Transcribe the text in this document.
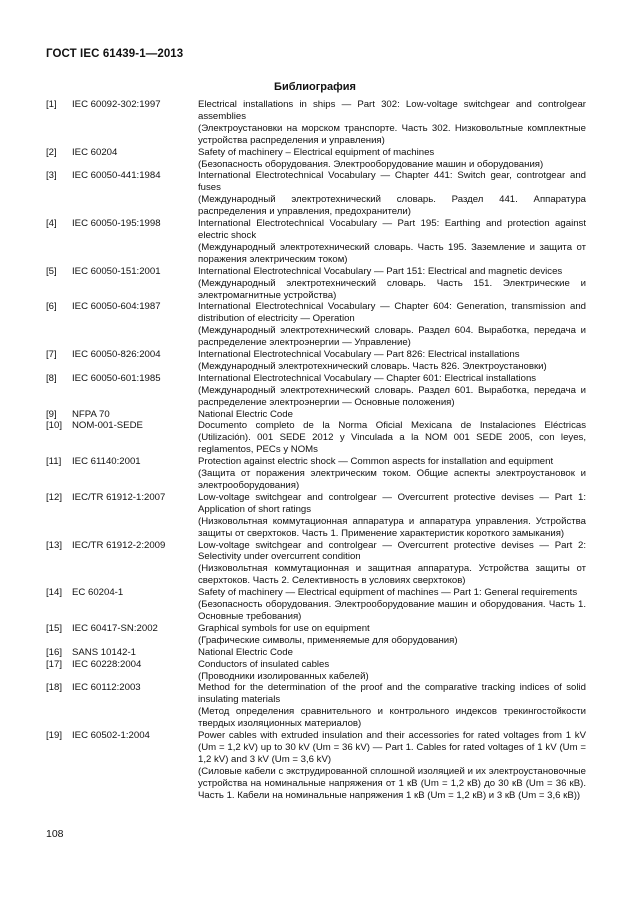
ГОСТ IEC 61439-1—2013
Библиография
[1]	IEC 60092-302:1997	Electrical installations in ships — Part 302: Low-voltage switchgear and controlgear assemblies
(Электроустановки на морском транспорте. Часть 302. Низковольтные комплектные устройства распределения и управления)
[2]	IEC 60204	Safety of machinery – Electrical equipment of machines
(Безопасность оборудования. Электрооборудование машин и оборудования)
[3]	IEC 60050-441:1984	International Electrotechnical Vocabulary — Chapter 441: Switch gear, controtgear and fuses
(Международный электротехнический словарь. Раздел 441. Аппаратура распределения и управления, предохранители)
[4]	IEC 60050-195:1998	International Electrotechnical Vocabulary — Part 195: Earthing and protection against electric shock
(Международный электротехнический словарь. Часть 195. Заземление и защита от поражения электрическим током)
[5]	IEC 60050-151:2001	International Electrotechnical Vocabulary — Part 151: Electrical and magnetic devices
(Международный электротехнический словарь. Часть 151. Электрические и электромагнитные устройства)
[6]	IEC 60050-604:1987	International Electrotechnical Vocabulary — Chapter 604: Generation, transmission and distribution of electricity — Operation
(Международный электротехнический словарь. Раздел 604. Выработка, передача и распределение электроэнергии — Управление)
[7]	IEC 60050-826:2004	International Electrotechnical Vocabulary — Part 826: Electrical installations
(Международный электротехнический словарь. Часть 826. Электроустановки)
[8]	IEC 60050-601:1985	International Electrotechnical Vocabulary — Chapter 601: Electrical installations
(Международный электротехнический словарь. Раздел 601. Выработка, передача и распределение электроэнергии — Основные положения)
[9]	NFPA 70	National Electric Code
[10]	NOM-001-SEDE	Documento completo de la Norma Oficial Mexicana de Instalaciones Eléctricas (Utilización). 001 SEDE 2012 y Vinculada a la NOM 001 SEDE 2005, con leyes, reglamentos, PECs y NOMs
[11]	IEC 61140:2001	Protection against electric shock — Common aspects for installation and equipment
(Защита от поражения электрическим током. Общие аспекты электроустановок и электрооборудования)
[12]	IEC/TR 61912-1:2007	Low-voltage switchgear and controlgear — Overcurrent protective devises — Part 1: Application of short ratings
(Низковольтная коммутационная аппаратура и аппаратура управления. Устройства защиты от сверхтоков. Часть 1. Применение характеристик короткого замыкания)
[13]	IEC/TR 61912-2:2009	Low-voltage switchgear and controlgear — Overcurrent protective devises — Part 2: Selectivity under overcurrent condition
(Низковольтная коммутационная и защитная аппаратура. Устройства защиты от сверхтоков. Часть 2. Селективность в условиях сверхтоков)
[14]	EC 60204-1	Safety of machinery — Electrical equipment of machines — Part 1: General requirements
(Безопасность оборудования. Электрооборудование машин и оборудования. Часть 1. Основные требования)
[15]	IEC 60417-SN:2002	Graphical symbols for use on equipment
(Графические символы, применяемые для оборудования)
[16]	SANS 10142-1	National Electric Code
[17]	IEC 60228:2004	Conductors of insulated cables
(Проводники изолированных кабелей)
[18]	IEC 60112:2003	Method for the determination of the proof and the comparative tracking indices of solid insulating materials
(Метод определения сравнительного и контрольного индексов трекингостойкости твердых изоляционных материалов)
[19]	IEC 60502-1:2004	Power cables with extruded insulation and their accessories for rated voltages from 1 kV (Um = 1,2 kV) up to 30 kV (Um = 36 kV) — Part 1. Cables for rated voltages of 1 kV (Um = 1,2 kV) and 3 kV (Um = 3,6 kV)
(Силовые кабели с экструдированной сплошной изоляцией и их электроустановочные устройства на номинальные напряжения от 1 кВ (Um = 1,2 кВ) до 30 кВ (Um = 36 кВ). Часть 1. Кабели на номинальные напряжения 1 кВ (Um = 1,2 кВ) и 3 кВ (Um = 3,6 кВ))
108
